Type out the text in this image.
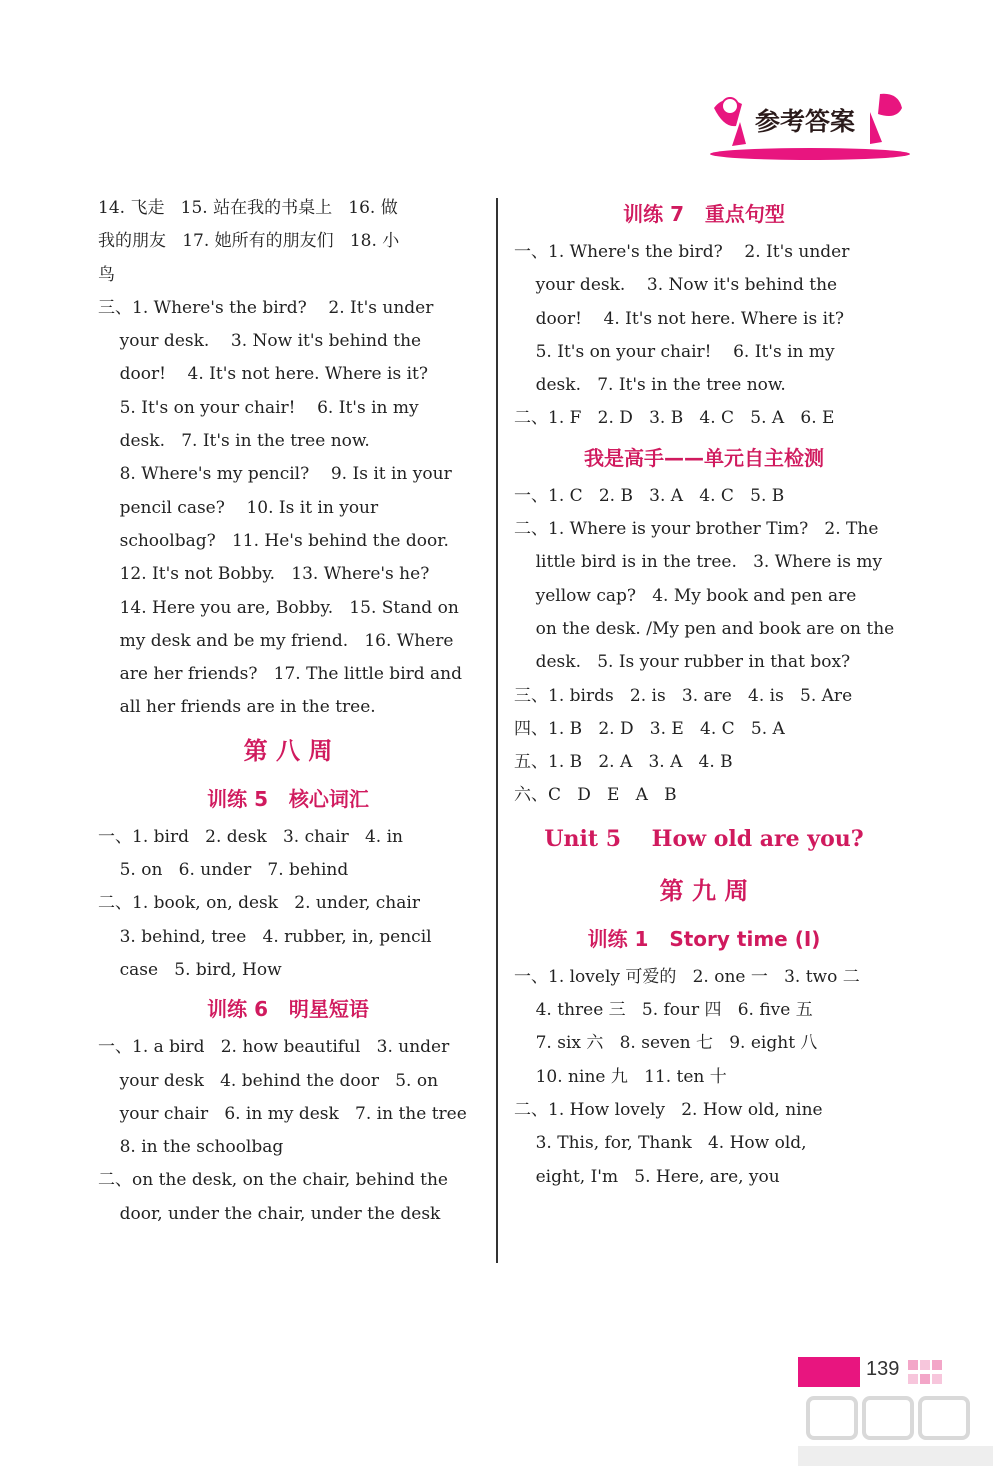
参考答案
14. 飞走   15. 站在我的书桌上   16. 做
我的朋友   17. 她所有的朋友们   18. 小
鸟
三、1. Where's the bird?    2. It's under
your desk.    3. Now it's behind the
door!    4. It's not here. Where is it?
5. It's on your chair!    6. It's in my
desk.   7. It's in the tree now.
8. Where's my pencil?    9. Is it in your
pencil case?    10. Is it in your
schoolbag?   11. He's behind the door.
12. It's not Bobby.   13. Where's he?
14. Here you are, Bobby.   15. Stand on
my desk and be my friend.   16. Where
are her friends?   17. The little bird and
all her friends are in the tree.
第 八 周
训练 5   核心词汇
一、1. bird   2. desk   3. chair   4. in
5. on   6. under   7. behind
二、1. book, on, desk   2. under, chair
3. behind, tree   4. rubber, in, pencil
case   5. bird, How
训练 6   明星短语
一、1. a bird   2. how beautiful   3. under
your desk   4. behind the door   5. on
your chair   6. in my desk   7. in the tree
8. in the schoolbag
二、on the desk, on the chair, behind the
door, under the chair, under the desk
训练 7   重点句型
一、1. Where's the bird?    2. It's under
your desk.    3. Now it's behind the
door!    4. It's not here. Where is it?
5. It's on your chair!    6. It's in my
desk.   7. It's in the tree now.
二、1. F   2. D   3. B   4. C   5. A   6. E
我是高手——单元自主检测
一、1. C   2. B   3. A   4. C   5. B
二、1. Where is your brother Tim?   2. The
little bird is in the tree.   3. Where is my
yellow cap?   4. My book and pen are
on the desk. /My pen and book are on the
desk.   5. Is your rubber in that box?
三、1. birds   2. is   3. are   4. is   5. Are
四、1. B   2. D   3. E   4. C   5. A
五、1. B   2. A   3. A   4. B
六、C   D   E   A   B
Unit 5    How old are you?
第 九 周
训练 1   Story time (Ⅰ)
一、1. lovely 可爱的   2. one 一   3. two 二
4. three 三   5. four 四   6. five 五
7. six 六   8. seven 七   9. eight 八
10. nine 九   11. ten 十
二、1. How lovely   2. How old, nine
3. This, for, Thank   4. How old,
eight, I'm   5. Here, are, you
139
